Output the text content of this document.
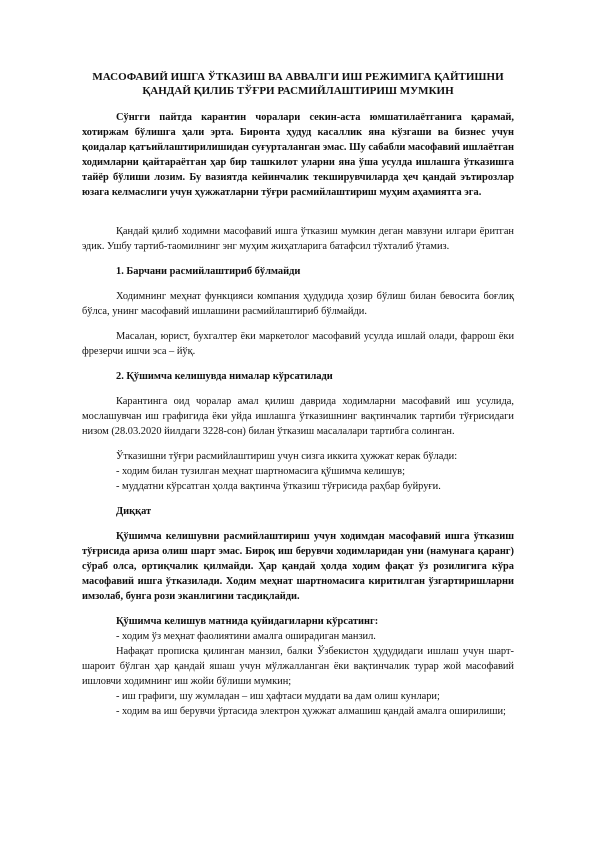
МАСОФАВИЙ ИШГА ЎТКАЗИШ ВА АВВАЛГИ ИШ РЕЖИМИГА ҚАЙТИШНИ
ҚАНДАЙ ҚИЛИБ ТЎҒРИ РАСМИЙЛАШТИРИШ МУМКИН

Сўнгги пайтда карантин чоралари секин-аста юмшатилаётганига қарамай, хотиржам бўлишга ҳали эрта. Биронта ҳудуд касаллик яна кўзгаши ва бизнес учун қоидалар қатъийлаштирилишидан суғурталанган эмас. Шу сабабли масофавий ишлаётган ходимларни қайтараётган ҳар бир ташкилот уларни яна ўша усулда ишлашга ўтказишга тайёр бўлиши лозим. Бу вазиятда кейинчалик текширувчиларда ҳеч қандай эътирозлар юзага келмаслиги учун ҳужжатларни тўғри расмийлаштириш муҳим аҳамиятга эга.

Қандай қилиб ходимни масофавий ишга ўтказиш мумкин деган мавзуни илгари ёритган эдик. Ушбу тартиб-таомилнинг энг муҳим жиҳатларига батафсил тўхталиб ўтамиз.

1. Барчани расмийлаштириб бўлмайди

Ходимнинг меҳнат функцияси компания ҳудудида ҳозир бўлиш билан бевосита боғлиқ бўлса, унинг масофавий ишлашини расмийлаштириб бўлмайди.

Масалан, юрист, бухгалтер ёки маркетолог масофавий усулда ишлай олади, фаррош ёки фрезерчи ишчи эса – йўқ.

2. Қўшимча келишувда нималар кўрсатилади

Карантинга оид чоралар амал қилиш даврида ходимларни масофавий иш усулида, мослашувчан иш графигида ёки уйда ишлашга ўтказишнинг вақтинчалик тартиби тўғрисидаги низом (28.03.2020 йилдаги 3228-сон) билан ўтказиш масалалари тартибга солинган.

Ўтказишни тўғри расмийлаштириш учун сизга иккита ҳужжат керак бўлади:

- ходим билан тузилган меҳнат шартномасига қўшимча келишув;

- муддатни кўрсатган ҳолда вақтинча ўтказиш тўғрисида раҳбар буйруғи.

Диққат

Қўшимча келишувни расмийлаштириш учун ходимдан масофавий ишга ўтказиш тўғрисида ариза олиш шарт эмас. Бироқ иш берувчи ходимларидан уни (намунага қаранг) сўраб олса, ортиқчалик қилмайди. Ҳар қандай ҳолда ходим фақат ўз розилигига кўра масофавий ишга ўтказилади. Ходим меҳнат шартномасига киритилган ўзгартиришларни имзолаб, бунга рози эканлигини тасдиқлайди.

Қўшимча келишув матнида қуйидагиларни кўрсатинг:

- ходим ўз меҳнат фаолиятини амалга оширадиган манзил.

Нафақат прописка қилинган манзил, балки Ўзбекистон ҳудудидаги ишлаш учун шарт-шароит бўлган ҳар қандай яшаш учун мўлжалланган ёки вақтинчалик турар жой масофавий ишловчи ходимнинг иш жойи бўлиши мумкин;

- иш графиги, шу жумладан – иш ҳафтаси муддати ва дам олиш кунлари;

- ходим ва иш берувчи ўртасида электрон ҳужжат алмашиш қандай амалга оширилиши;
